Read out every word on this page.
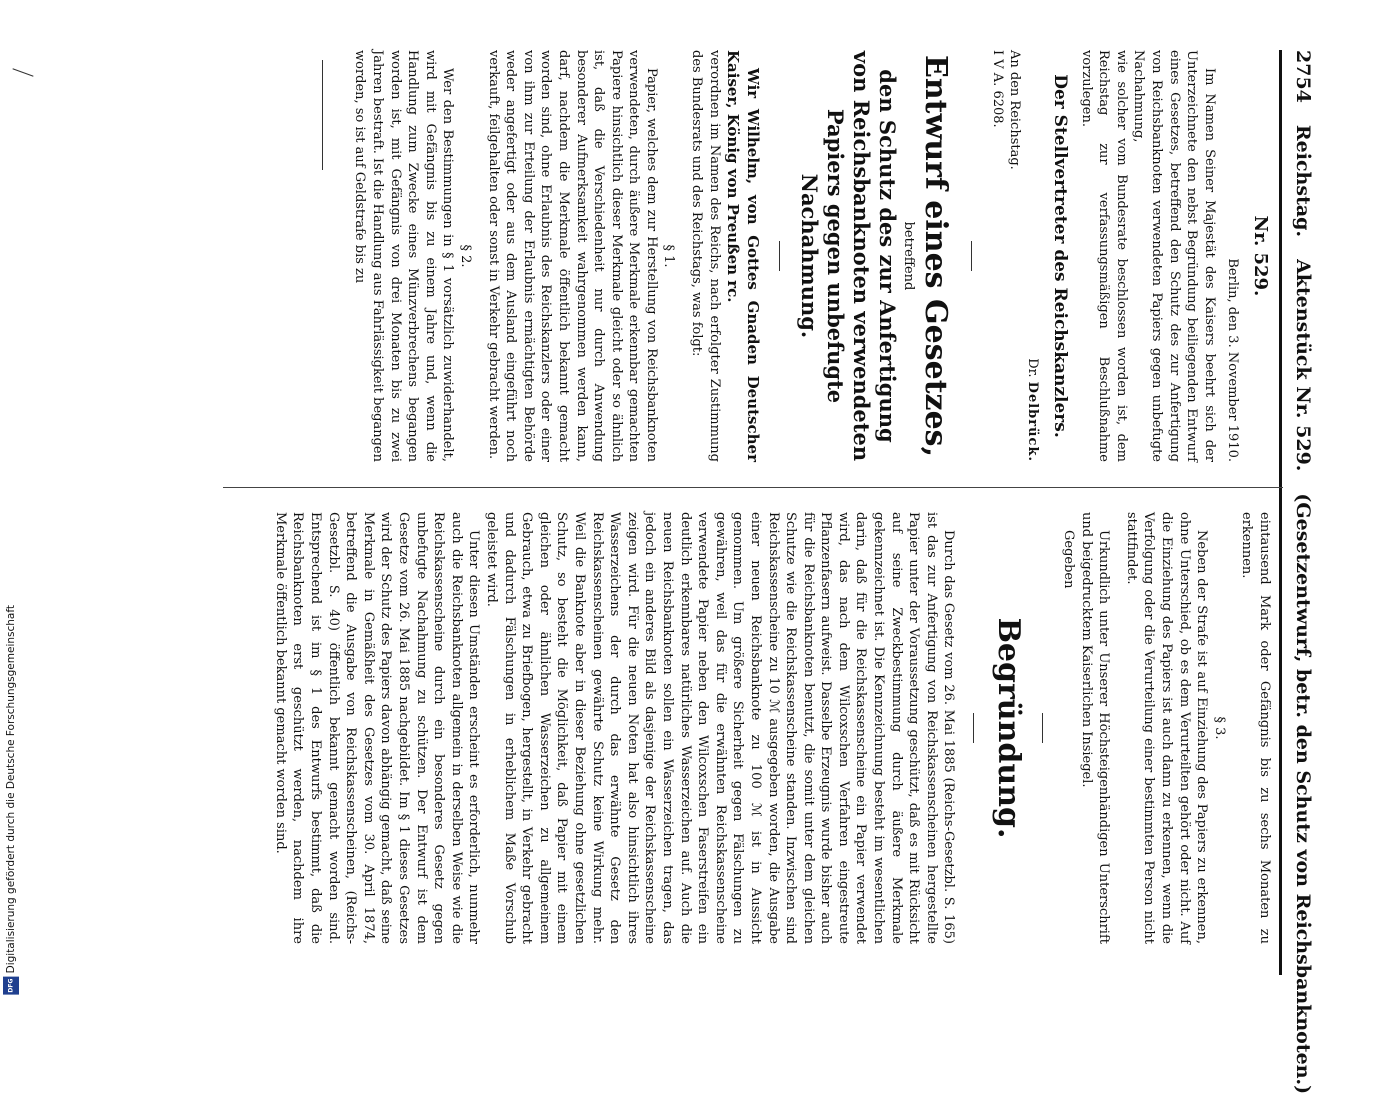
2754
Reichstag.
Aktenstück Nr. 529.
(Gesetzentwurf, betr. den Schutz von Reichsbanknoten.)
Nr. 529.
Berlin, den 3. November 1910.
Im Namen Seiner Majestät des Kaisers beehrt sich der Unterzeichnete den nebst Begründung beiliegenden Entwurf eines Gesetzes, betreffend den Schutz des zur Anfertigung von Reichsbanknoten verwendeten Papiers gegen unbefugte Nachahmung,
wie solcher vom Bundesrate beschlossen worden ist, dem Reichstag zur verfassungsmäßigen Beschlußnahme vorzulegen.
Der Stellvertreter des Reichskanzlers.
Dr. Delbrück.
An den Reichstag.
I V A. 6208.
Entwurf eines Gesetzes,
betreffend
den Schutz des zur Anfertigung von Reichsbanknoten verwendeten Papiers gegen unbefugte Nachahmung.
Wir Wilhelm, von Gottes Gnaden Deutscher Kaiser, König von Preußen rc.
verordnen im Namen des Reichs, nach erfolgter Zustimmung des Bundesrats und des Reichstags, was folgt:
§ 1.
Papier, welches dem zur Herstellung von Reichsbanknoten verwendeten, durch äußere Merkmale erkennbar gemachten Papiere hinsichtlich dieser Merkmale gleicht oder so ähnlich ist, daß die Verschiedenheit nur durch Anwendung besonderer Aufmerksamkeit wahrgenommen werden kann, darf, nachdem die Merkmale öffentlich bekannt gemacht worden sind, ohne Erlaubnis des Reichskanzlers oder einer von ihm zur Erteilung der Erlaubnis ermächtigten Behörde weder angefertigt oder aus dem Ausland eingeführt noch verkauft, feilgehalten oder sonst in Verkehr gebracht werden.
§ 2.
Wer den Bestimmungen in § 1 vorsätzlich zuwiderhandelt, wird mit Gefängnis bis zu einem Jahre und, wenn die Handlung zum Zwecke eines Münzverbrechens begangen worden ist, mit Gefängnis von drei Monaten bis zu zwei Jahren bestraft. Ist die Handlung aus Fahrlässigkeit begangen worden, so ist auf Geldstrafe bis zu
eintausend Mark oder Gefängnis bis zu sechs Monaten zu erkennen.
§ 3.
Neben der Strafe ist auf Einziehung des Papiers zu erkennen, ohne Unterschied, ob es dem Verurteilten gehört oder nicht. Auf die Einziehung des Papiers ist auch dann zu erkennen, wenn die Verfolgung oder die Verurteilung einer bestimmten Person nicht stattfindet.
Urkundlich unter Unserer Höchsteigenhändigen Unterschrift und beigedrucktem Kaiserlichen Insiegel.
Gegeben
Begründung.
Durch das Gesetz vom 26. Mai 1885 (Reichs-Gesetzbl. S. 165) ist das zur Anfertigung von Reichskassenscheinen hergestellte Papier unter der Voraussetzung geschützt, daß es mit Rücksicht auf seine Zweckbestimmung durch äußere Merkmale gekennzeichnet ist. Die Kennzeichnung besteht im wesentlichen darin, daß für die Reichskassenscheine ein Papier verwendet wird, das nach dem Wilcoxschen Verfahren eingestreute Pflanzenfasern aufweist. Dasselbe Erzeugnis wurde bisher auch für die Reichsbanknoten benutzt, die somit unter dem gleichen Schutze wie die Reichskassenscheine standen. Inzwischen sind Reichskassenscheine zu 10 ℳ ausgegeben worden, die Ausgabe einer neuen Reichsbanknote zu 100 ℳ ist in Aussicht genommen. Um größere Sicherheit gegen Fälschungen zu gewähren, weil das für die erwähnten Reichskassenscheine verwendete Papier neben den Wilcoxschen Faserstreifen ein deutlich erkennbares natürliches Wasserzeichen auf. Auch die neuen Reichsbanknoten sollen ein Wasserzeichen tragen, das jedoch ein anderes Bild als dasjenige der Reichskassenscheine zeigen wird. Für die neuen Noten hat also hinsichtlich ihres Wasserzeichens der durch das erwähnte Gesetz den Reichskassenscheinen gewährte Schutz keine Wirkung mehr. Weil die Banknote aber in dieser Beziehung ohne gesetzlichen Schutz, so besteht die Möglichkeit, daß Papier mit einem gleichen oder ähnlichen Wasserzeichen zu allgemeinem Gebrauch, etwa zu Briefbogen, hergestellt, in Verkehr gebracht und dadurch Fälschungen in erheblichem Maße Vorschub geleistet wird.
Unter diesen Umständen erscheint es erforderlich, nunmehr auch die Reichsbanknoten allgemein in derselben Weise wie die Reichskassenscheine durch ein besonderes Gesetz gegen unbefugte Nachahmung zu schützen. Der Entwurf ist dem Gesetze vom 26. Mai 1885 nachgebildet. Im § 1 dieses Gesetzes wird der Schutz des Papiers davon abhängig gemacht, daß seine Merkmale in Gemäßheit des Gesetzes vom 30. April 1874, betreffend die Ausgabe von Reichskassenscheinen, (Reichs-Gesetzbl. S. 40) öffentlich bekannt gemacht worden sind. Entsprechend ist im § 1 des Entwurfs bestimmt, daß die Reichsbanknoten erst geschützt werden, nachdem ihre Merkmale öffentlich bekannt gemacht worden sind.
Digitalisierung gefördert durch die Deutsche Forschungsgemeinschaft
DFG
